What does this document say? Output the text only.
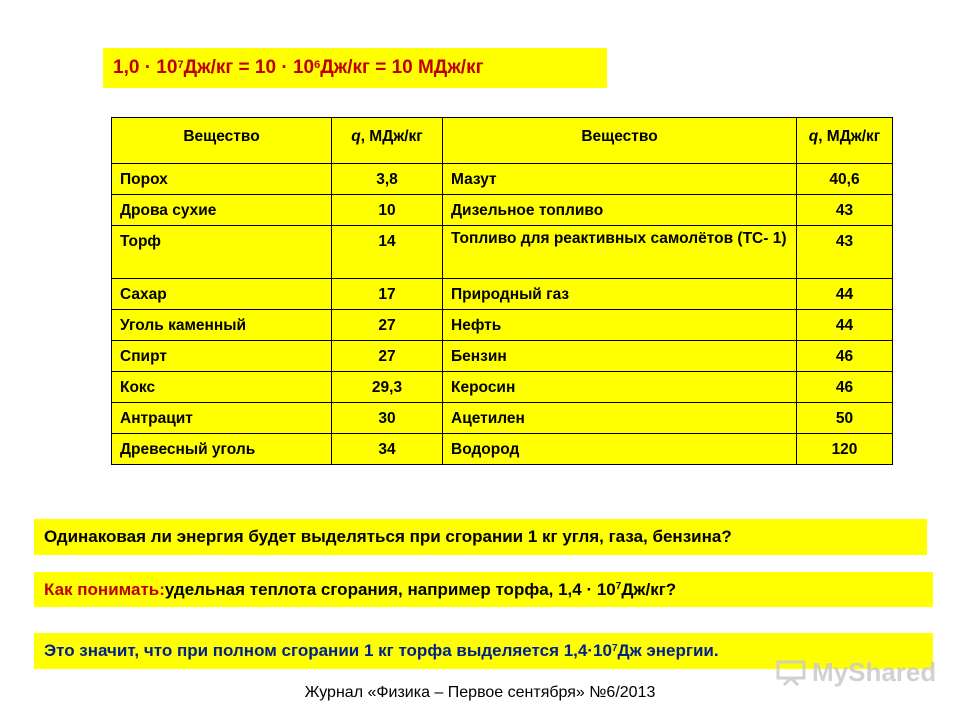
$1,0 \cdot 10^7$ $Дж/кг = 10 \cdot 10^6$ Дж/кг = 10 МДж/кг
Вещество	q, МДж/кг	Вещество	q, МДж/кг
Порох	3,8	Мазут	40,6
Дрова сухие	10	Дизельное топливо	43
Торф	14	Топливо для реактивных самолётов (ТС- 1)	43
Сахар	17	Природный газ	44
Уголь каменный	27	Нефть	44
Спирт	27	Бензин	46
Кокс	29,3	Керосин	46
Антрацит	30	Ацетилен	50
Древесный уголь	34	Водород	120
Одинаковая ли энергия будет выделяться при сгорании 1 кг угля, газа, бензина?
Как понимать: удельная теплота сгорания, например торфа, $1,4 \cdot 10^7$ Дж/кг?
Это значит, что при полном сгорании 1 кг торфа выделяется $1,4\cdot 10^7$ Дж энергии.
MyShared
Журнал «Физика – Первое сентября» №6/2013
